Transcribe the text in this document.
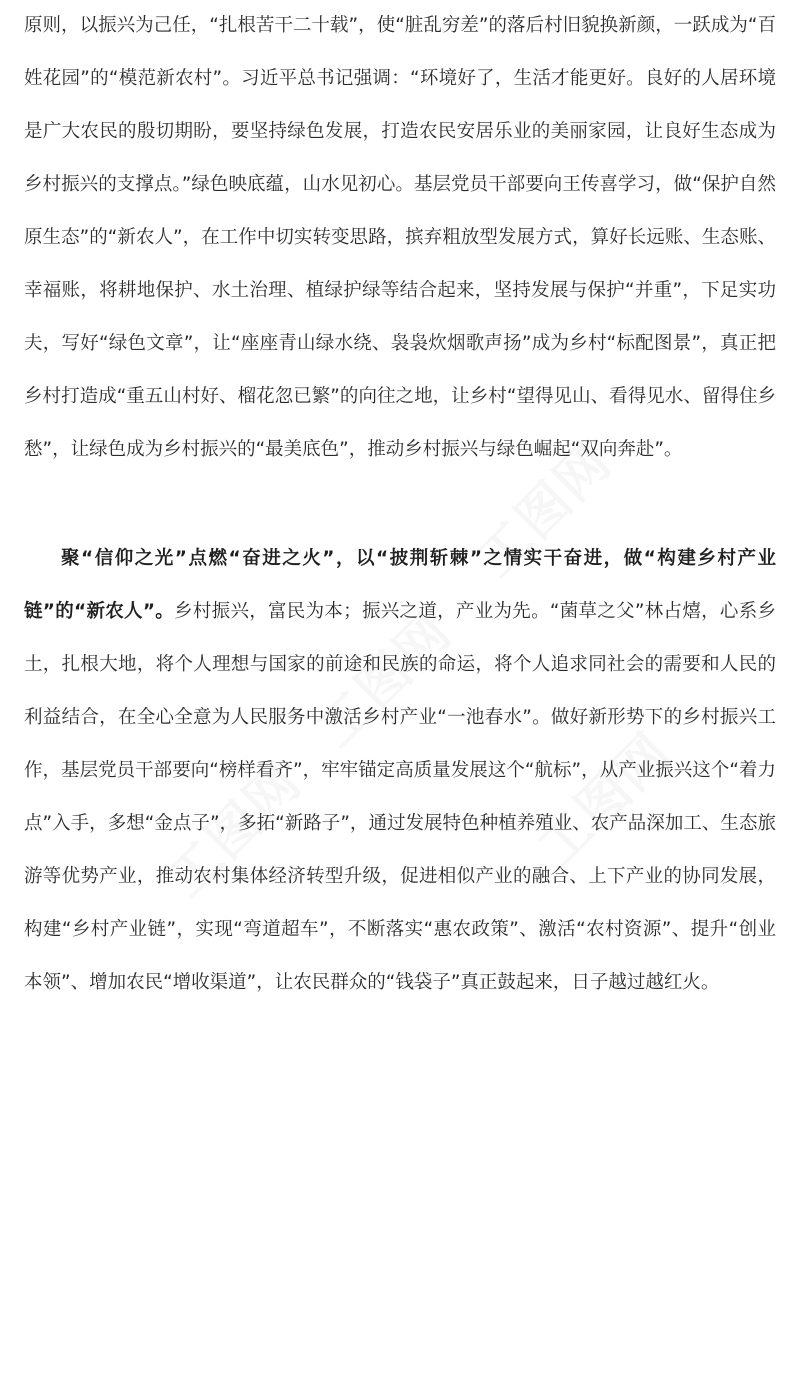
原则，以振兴为己任，“扎根苦干二十载”，使“脏乱穷差”的落后村旧貌换新颜，一跃成为“百姓花园”的“模范新农村”。习近平总书记强调：“环境好了，生活才能更好。良好的人居环境是广大农民的殷切期盼，要坚持绿色发展，打造农民安居乐业的美丽家园，让良好生态成为乡村振兴的支撑点。”绿色映底蕴，山水见初心。基层党员干部要向王传喜学习，做“保护自然原生态”的“新农人”，在工作中切实转变思路，摈弃粗放型发展方式，算好长远账、生态账、幸福账，将耕地保护、水土治理、植绿护绿等结合起来，坚持发展与保护“并重”，下足实功夫，写好“绿色文章”，让“座座青山绿水绕、袅袅炊烟歌声扬”成为乡村“标配图景”，真正把乡村打造成“重五山村好、榴花忽已繁”的向往之地，让乡村“望得见山、看得见水、留得住乡愁”，让绿色成为乡村振兴的“最美底色”，推动乡村振兴与绿色崛起“双向奔赴”。

聚“信仰之光”点燃“奋进之火”，以“披荆斩棘”之情实干奋进，做“构建乡村产业链”的“新农人”。乡村振兴，富民为本；振兴之道，产业为先。“菌草之父”林占熺，心系乡土，扎根大地，将个人理想与国家的前途和民族的命运，将个人追求同社会的需要和人民的利益结合，在全心全意为人民服务中激活乡村产业“一池春水”。做好新形势下的乡村振兴工作，基层党员干部要向“榜样看齐”，牢牢锚定高质量发展这个“航标”，从产业振兴这个“着力点”入手，多想“金点子”，多拓“新路子”，通过发展特色种植养殖业、农产品深加工、生态旅游等优势产业，推动农村集体经济转型升级，促进相似产业的融合、上下产业的协同发展，构建“乡村产业链”，实现“弯道超车”，不断落实“惠农政策”、激活“农村资源”、提升“创业本领”、增加农民“增收渠道”，让农民群众的“钱袋子”真正鼓起来，日子越过越红火。
